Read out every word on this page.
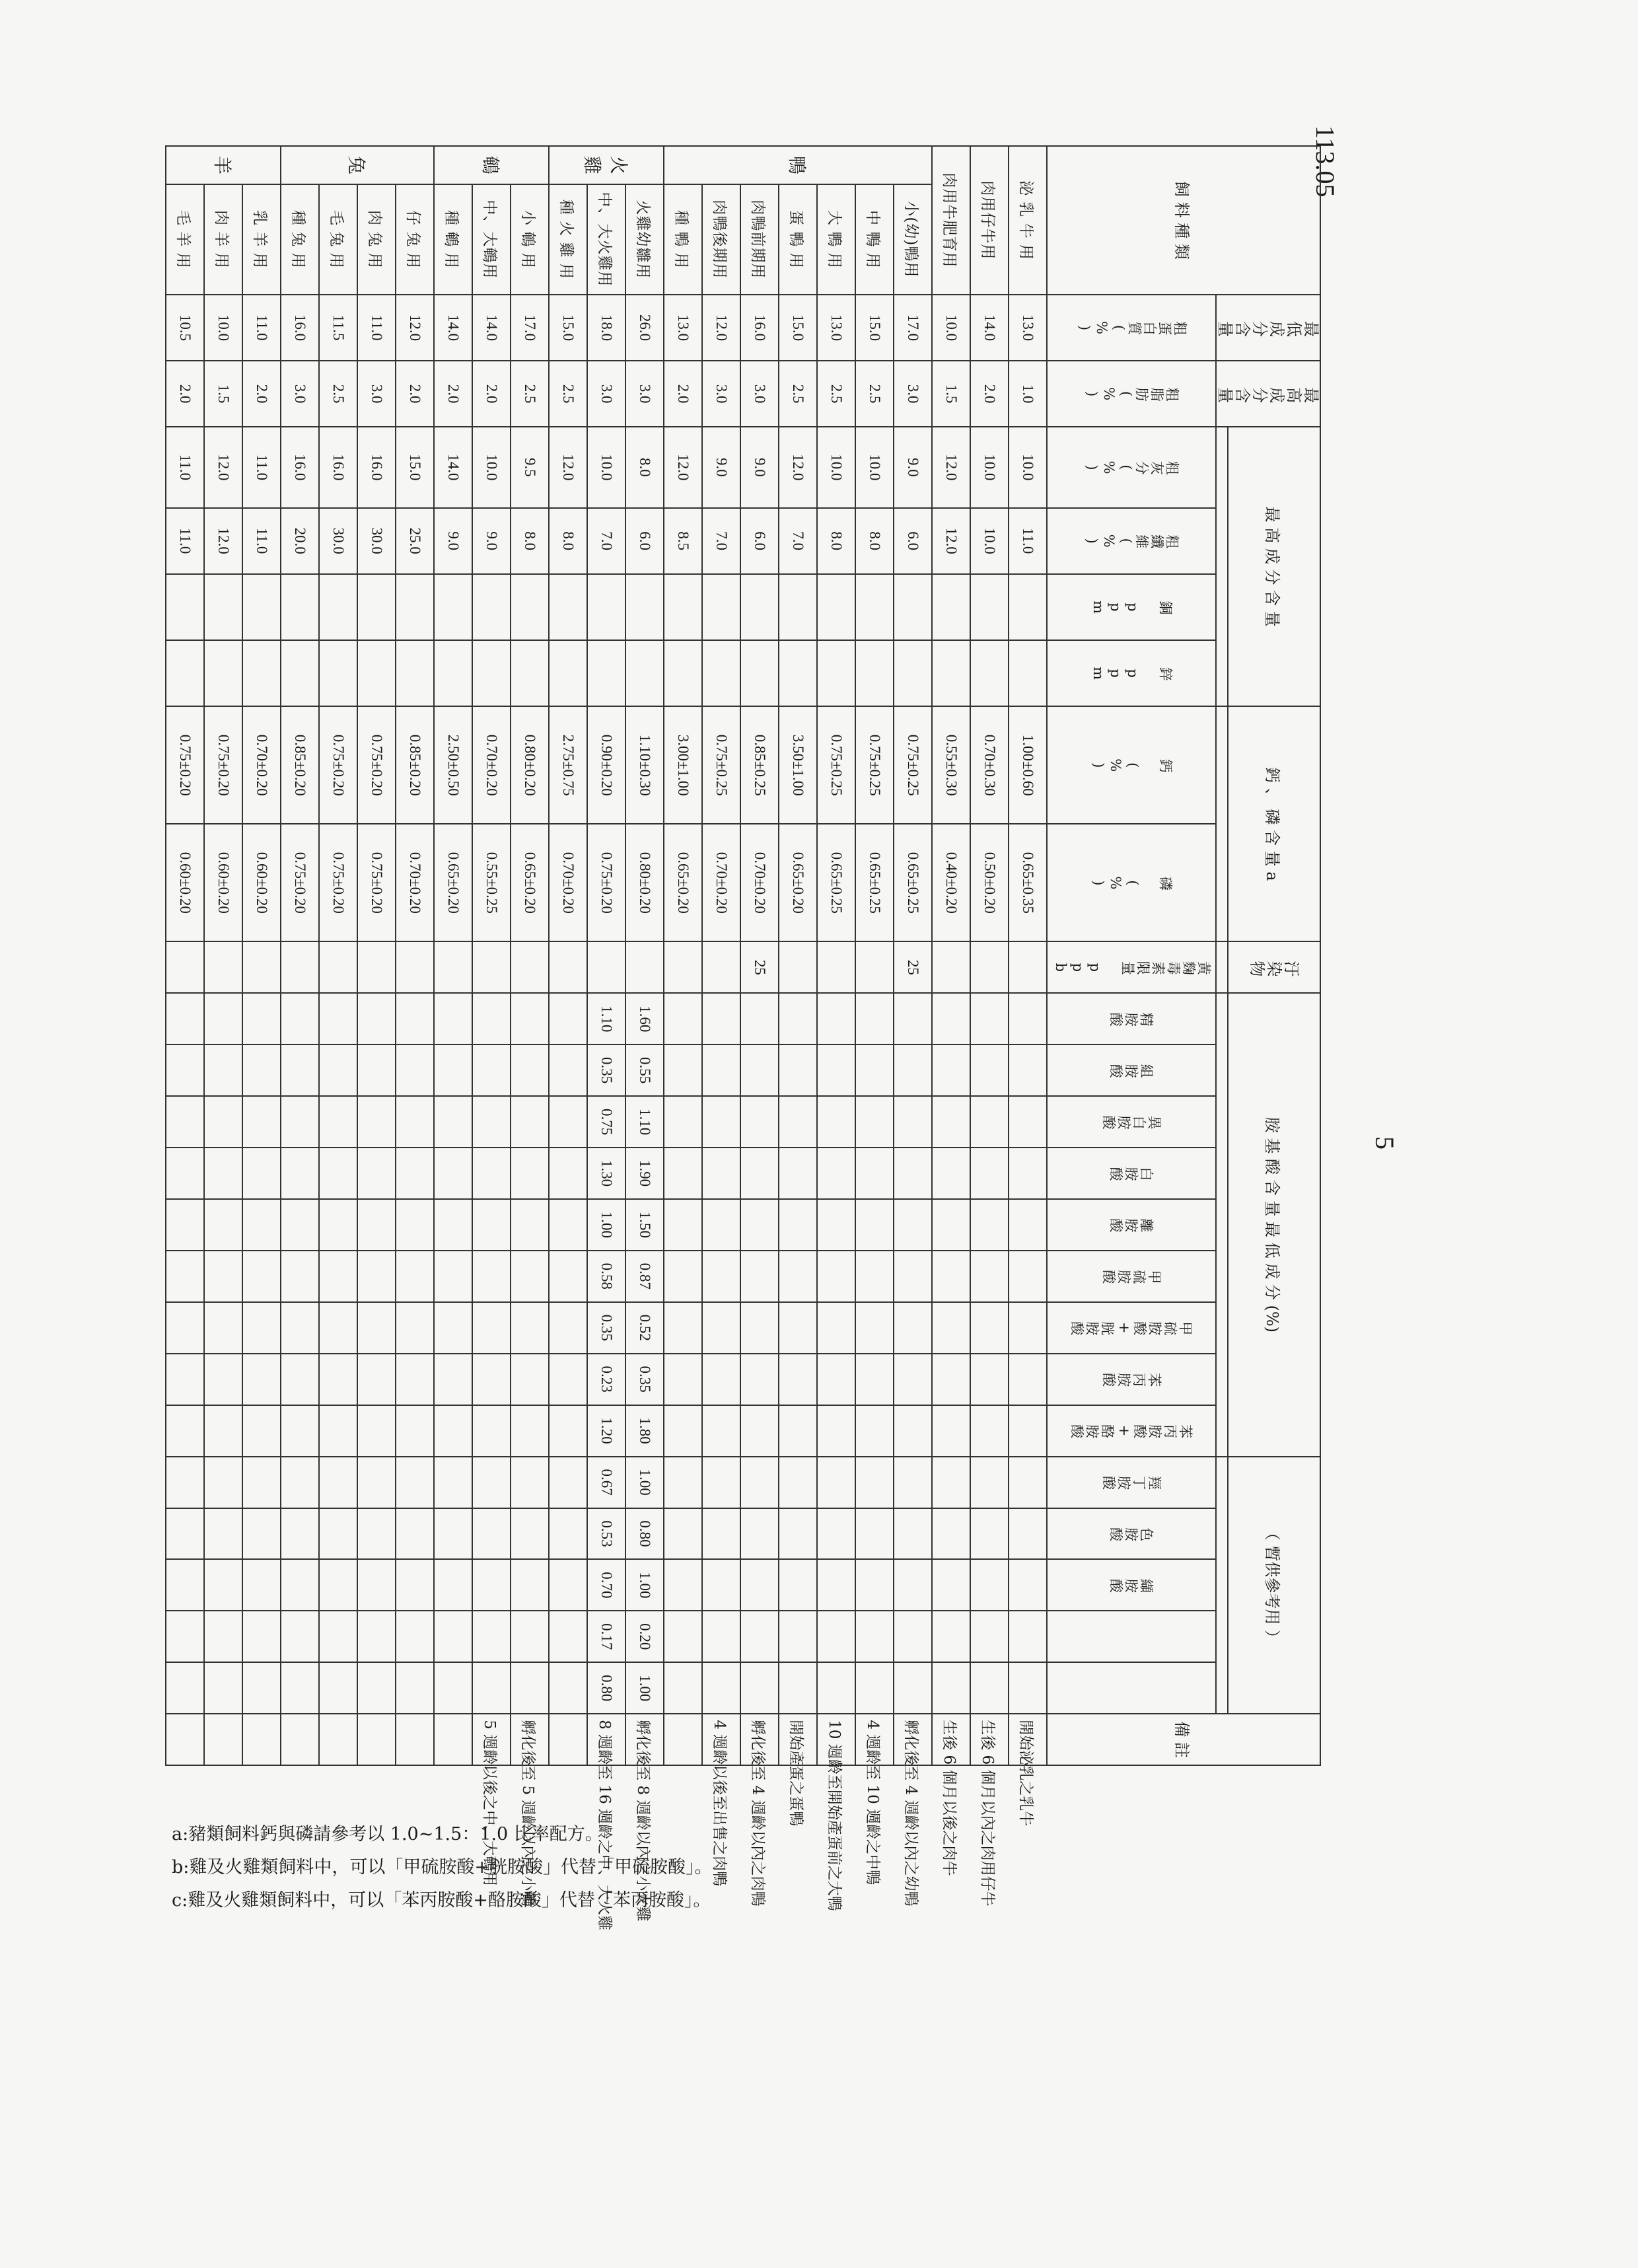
113.05
5
飼 料 種 類		最低成分含量	最高成分含量	最 高 成 分 含 量				鈣 、 磷 含 量 a		汙染物	胺 基 酸 含 量 最 低 成 分 (%)									（ 暫供參考用 ）					備 註

		粗蛋白質(%)	粗脂肪(%)	粗灰分(%)	粗纖維(%)	銅 ppm	鋅 ppm	鈣 (%)	磷 (%)	黃麴毒素限量 ppb	精胺酸	組胺酸	異白胺酸	白胺酸	離胺酸	甲硫胺酸	甲硫胺酸+胱胺酸	苯丙胺酸	苯丙胺酸+酪胺酸	羥丁胺酸	色胺酸	纈胺酸			
泌 乳 牛 用		13.0	1.0	10.0	11.0			1.00±0.60	0.65±0.35																開始泌乳之乳牛
肉用仔牛用		14.0	2.0	10.0	10.0			0.70±0.30	0.50±0.20																生後 6 個月以內之肉用仔牛
肉用牛肥育用		10.0	1.5	12.0	12.0			0.55±0.30	0.40±0.20																生後 6 個月以後之肉牛
鴨	小(幼)鴨用	17.0	3.0	9.0	6.0			0.75±0.25	0.65±0.25	25															孵化後至 4 週齡以內之幼鴨
	中 鴨 用	15.0	2.5	10.0	8.0			0.75±0.25	0.65±0.25																4 週齡至 10 週齡之中鴨
	大 鴨 用	13.0	2.5	10.0	8.0			0.75±0.25	0.65±0.25																10 週齡至開始產蛋前之大鴨
	蛋 鴨 用	15.0	2.5	12.0	7.0			3.50±1.00	0.65±0.20																開始產蛋之蛋鴨
	肉鴨前期用	16.0	3.0	9.0	6.0			0.85±0.25	0.70±0.20	25															孵化後至 4 週齡以內之肉鴨
	肉鴨後期用	12.0	3.0	9.0	7.0			0.75±0.25	0.70±0.20																4 週齡以後至出售之肉鴨
	種 鴨 用	13.0	2.0	12.0	8.5			3.00±1.00	0.65±0.20																
火雞	火雞幼雛用	26.0	3.0	8.0	6.0			1.10±0.30	0.80±0.20		1.60	0.55	1.10	1.90	1.50	0.87	0.52	0.35	1.80	1.00	0.80	1.00	0.20	1.00	孵化後至 8 週齡以內之小火雞
	中、大火雞用	18.0	3.0	10.0	7.0			0.90±0.20	0.75±0.20		1.10	0.35	0.75	1.30	1.00	0.58	0.35	0.23	1.20	0.67	0.53	0.70	0.17	0.80	8 週齡至 16 週齡之中、大火雞
	種 火 雞 用	15.0	2.5	12.0	8.0			2.75±0.75	0.70±0.20																
鵪	小 鵪 用	17.0	2.5	9.5	8.0			0.80±0.20	0.65±0.20																孵化後至 5 週齡以內之小鵪
	中、大鵪用	14.0	2.0	10.0	9.0			0.70±0.20	0.55±0.25																5 週齡以後之中、大鵪用
	種 鵪 用	14.0	2.0	14.0	9.0			2.50±0.50	0.65±0.20																
兔	仔 兔 用	12.0	2.0	15.0	25.0			0.85±0.20	0.70±0.20																
	肉 兔 用	11.0	3.0	16.0	30.0			0.75±0.20	0.75±0.20																
	毛 兔 用	11.5	2.5	16.0	30.0			0.75±0.20	0.75±0.20																
	種 兔 用	16.0	3.0	16.0	20.0			0.85±0.20	0.75±0.20																
羊	乳 羊 用	11.0	2.0	11.0	11.0			0.70±0.20	0.60±0.20																
	肉 羊 用	10.0	1.5	12.0	12.0			0.75±0.20	0.60±0.20																
	毛 羊 用	10.5	2.0	11.0	11.0			0.75±0.20	0.60±0.20																
a:豬類飼料鈣與磷請參考以 1.0~1.5：1.0 比率配方。
b:雞及火雞類飼料中，可以「甲硫胺酸+胱胺酸」代替「甲硫胺酸」。
c:雞及火雞類飼料中，可以「苯丙胺酸+酪胺酸」代替「苯丙胺酸」。
